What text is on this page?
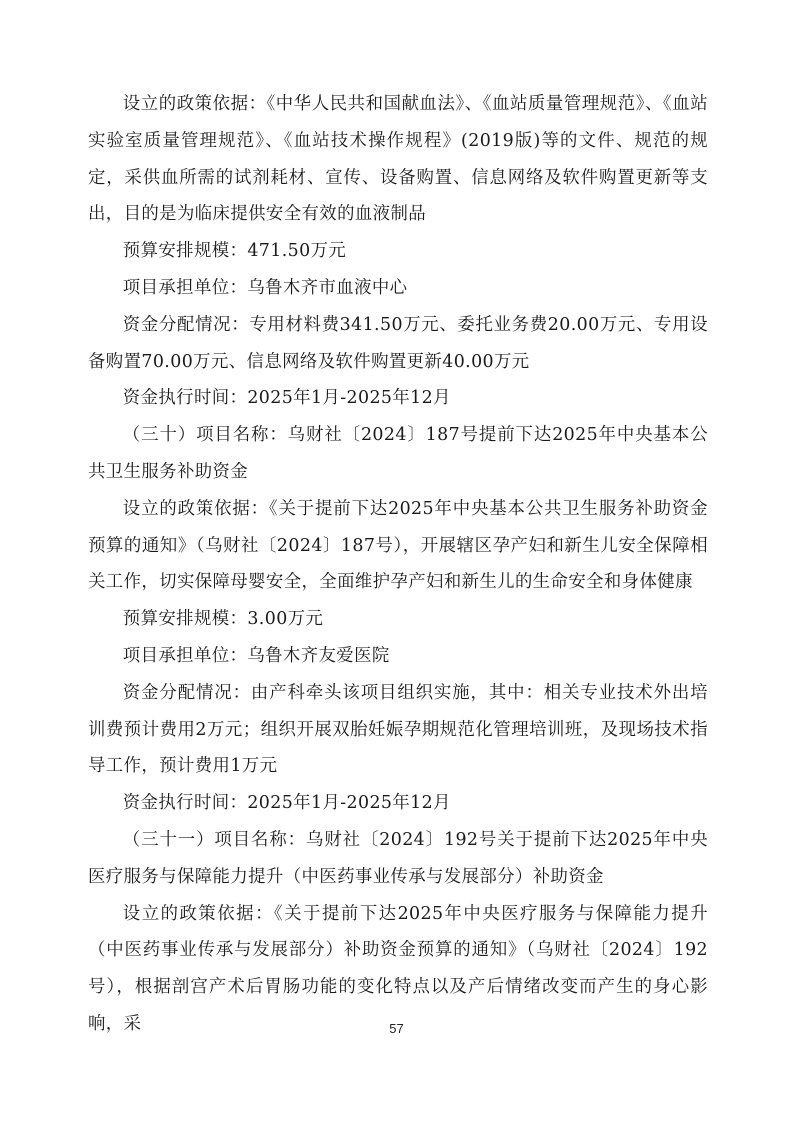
设立的政策依据：《中华人民共和国献血法》、《血站质量管理规范》、《血站实验室质量管理规范》、《血站技术操作规程》(2019版)等的文件、规范的规定，采供血所需的试剂耗材、宣传、设备购置、信息网络及软件购置更新等支出，目的是为临床提供安全有效的血液制品

预算安排规模：471.50万元

项目承担单位：乌鲁木齐市血液中心

资金分配情况：专用材料费341.50万元、委托业务费20.00万元、专用设备购置70.00万元、信息网络及软件购置更新40.00万元

资金执行时间：2025年1月-2025年12月

（三十）项目名称：乌财社〔2024〕187号提前下达2025年中央基本公共卫生服务补助资金

设立的政策依据：《关于提前下达2025年中央基本公共卫生服务补助资金预算的通知》（乌财社〔2024〕187号），开展辖区孕产妇和新生儿安全保障相关工作，切实保障母婴安全，全面维护孕产妇和新生儿的生命安全和身体健康

预算安排规模：3.00万元

项目承担单位：乌鲁木齐友爱医院

资金分配情况：由产科牵头该项目组织实施，其中：相关专业技术外出培训费预计费用2万元；组织开展双胎妊娠孕期规范化管理培训班，及现场技术指导工作，预计费用1万元

资金执行时间：2025年1月-2025年12月

（三十一）项目名称：乌财社〔2024〕192号关于提前下达2025年中央医疗服务与保障能力提升（中医药事业传承与发展部分）补助资金

设立的政策依据：《关于提前下达2025年中央医疗服务与保障能力提升（中医药事业传承与发展部分）补助资金预算的通知》（乌财社〔2024〕192号），根据剖宫产术后胃肠功能的变化特点以及产后情绪改变而产生的身心影响，采	57
